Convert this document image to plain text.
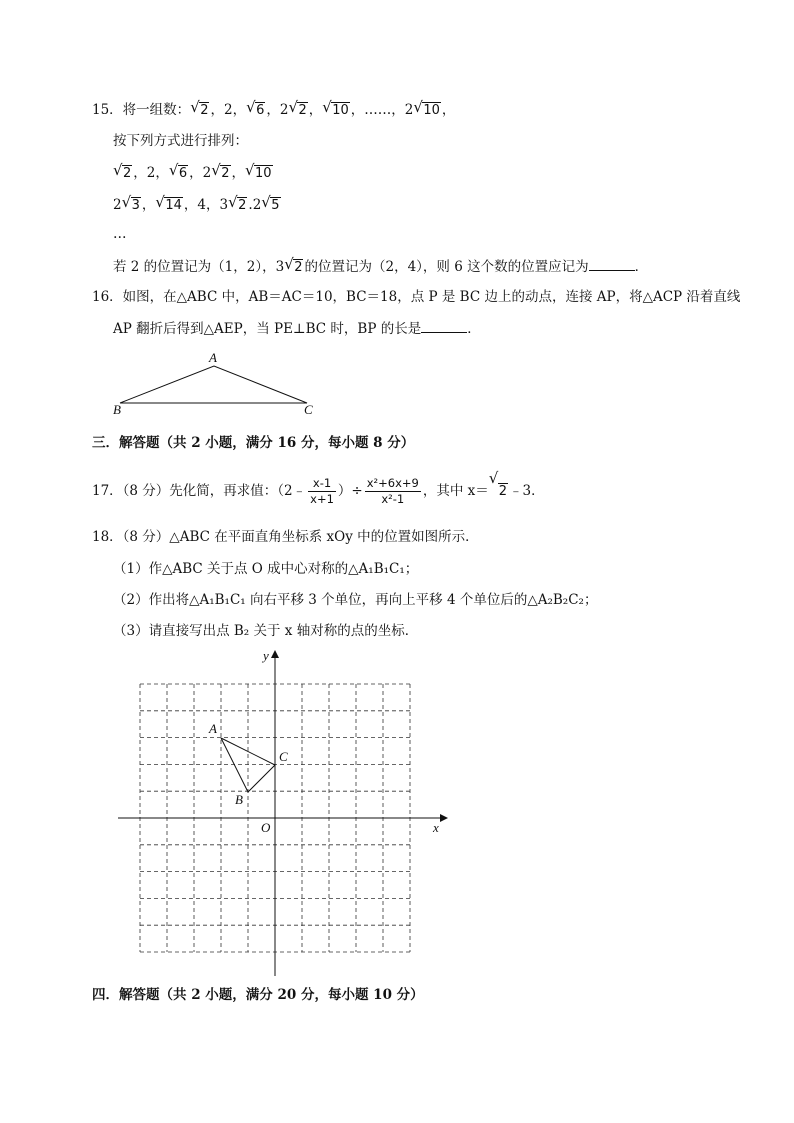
15．将一组数： √ 2 ，2， √ 6 ，2 √ 2 ， √ 10 ，……，2 √ 10 ，
按下列方式进行排列：
√ 2 ，2， √ 6 ，2 √ 2 ， √ 10
2 √ 3 ， √ 14 ，4，3 √ 2 .2 √ 5
…
若 2 的位置记为（1，2），3 √ 2 的位置记为（2，4），则 6 这个数的位置应记为	．
16．如图，在△ABC 中，AB＝AC＝10，BC＝18，点 P 是 BC 边上的动点，连接 AP，将△ACP 沿着直线
AP 翻折后得到△AEP，当 PE⊥BC 时，BP 的长是	．
A
B	C
三．解答题（共 2 小题，满分 16 分，每小题 8 分）
17．（8 分）先化简，再求值：（2﹣ $\frac{x-1}{x+1}$ ）÷ $\frac{\text{x²+6x+9}}{\text{x²-1}}$ ，其中 x＝
√
2 ﹣3．
18．（8 分）△ABC 在平面直角坐标系 xOy 中的位置如图所示．
（1）作△ABC 关于点 O 成中心对称的△A₁B₁C₁；
（2）作出将△A₁B₁C₁ 向右平移 3 个单位，再向上平移 4 个单位后的△A₂B₂C₂；
（3）请直接写出点 B₂ 关于 x 轴对称的点的坐标．
x
y
O
A
B
C
四．解答题（共 2 小题，满分 20 分，每小题 10 分）
